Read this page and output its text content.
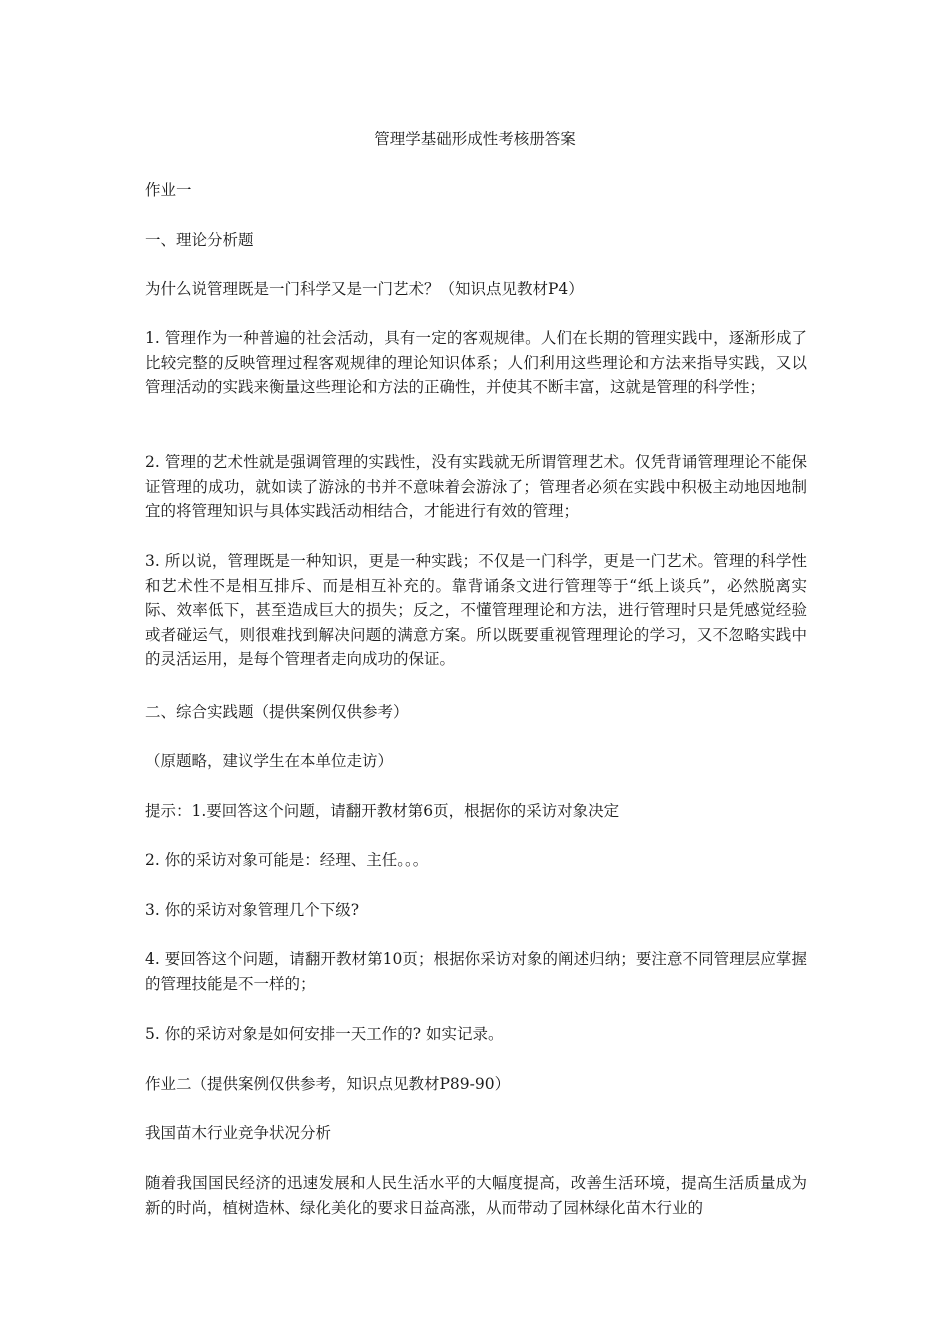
管理学基础形成性考核册答案
作业一
一、理论分析题
为什么说管理既是一门科学又是一门艺术？（知识点见教材P4）
1. 管理作为一种普遍的社会活动，具有一定的客观规律。人们在长期的管理实践中，逐渐形成了比较完整的反映管理过程客观规律的理论知识体系；人们利用这些理论和方法来指导实践，又以管理活动的实践来衡量这些理论和方法的正确性，并使其不断丰富，这就是管理的科学性；
2. 管理的艺术性就是强调管理的实践性，没有实践就无所谓管理艺术。仅凭背诵管理理论不能保证管理的成功，就如读了游泳的书并不意味着会游泳了；管理者必须在实践中积极主动地因地制宜的将管理知识与具体实践活动相结合，才能进行有效的管理；
3. 所以说，管理既是一种知识，更是一种实践；不仅是一门科学，更是一门艺术。管理的科学性和艺术性不是相互排斥、而是相互补充的。靠背诵条文进行管理等于“纸上谈兵”，必然脱离实际、效率低下，甚至造成巨大的损失；反之，不懂管理理论和方法，进行管理时只是凭感觉经验或者碰运气，则很难找到解决问题的满意方案。所以既要重视管理理论的学习，又不忽略实践中的灵活运用，是每个管理者走向成功的保证。
二、综合实践题（提供案例仅供参考）
（原题略，建议学生在本单位走访）
提示：1.要回答这个问题，请翻开教材第6页，根据你的采访对象决定
2. 你的采访对象可能是：经理、主任。。。
3. 你的采访对象管理几个下级?
4. 要回答这个问题，请翻开教材第10页；根据你采访对象的阐述归纳；要注意不同管理层应掌握的管理技能是不一样的；
5. 你的采访对象是如何安排一天工作的? 如实记录。
作业二（提供案例仅供参考，知识点见教材P89-90）
我国苗木行业竞争状况分析
随着我国国民经济的迅速发展和人民生活水平的大幅度提高，改善生活环境，提高生活质量成为新的时尚，植树造林、绿化美化的要求日益高涨，从而带动了园林绿化苗木行业的
